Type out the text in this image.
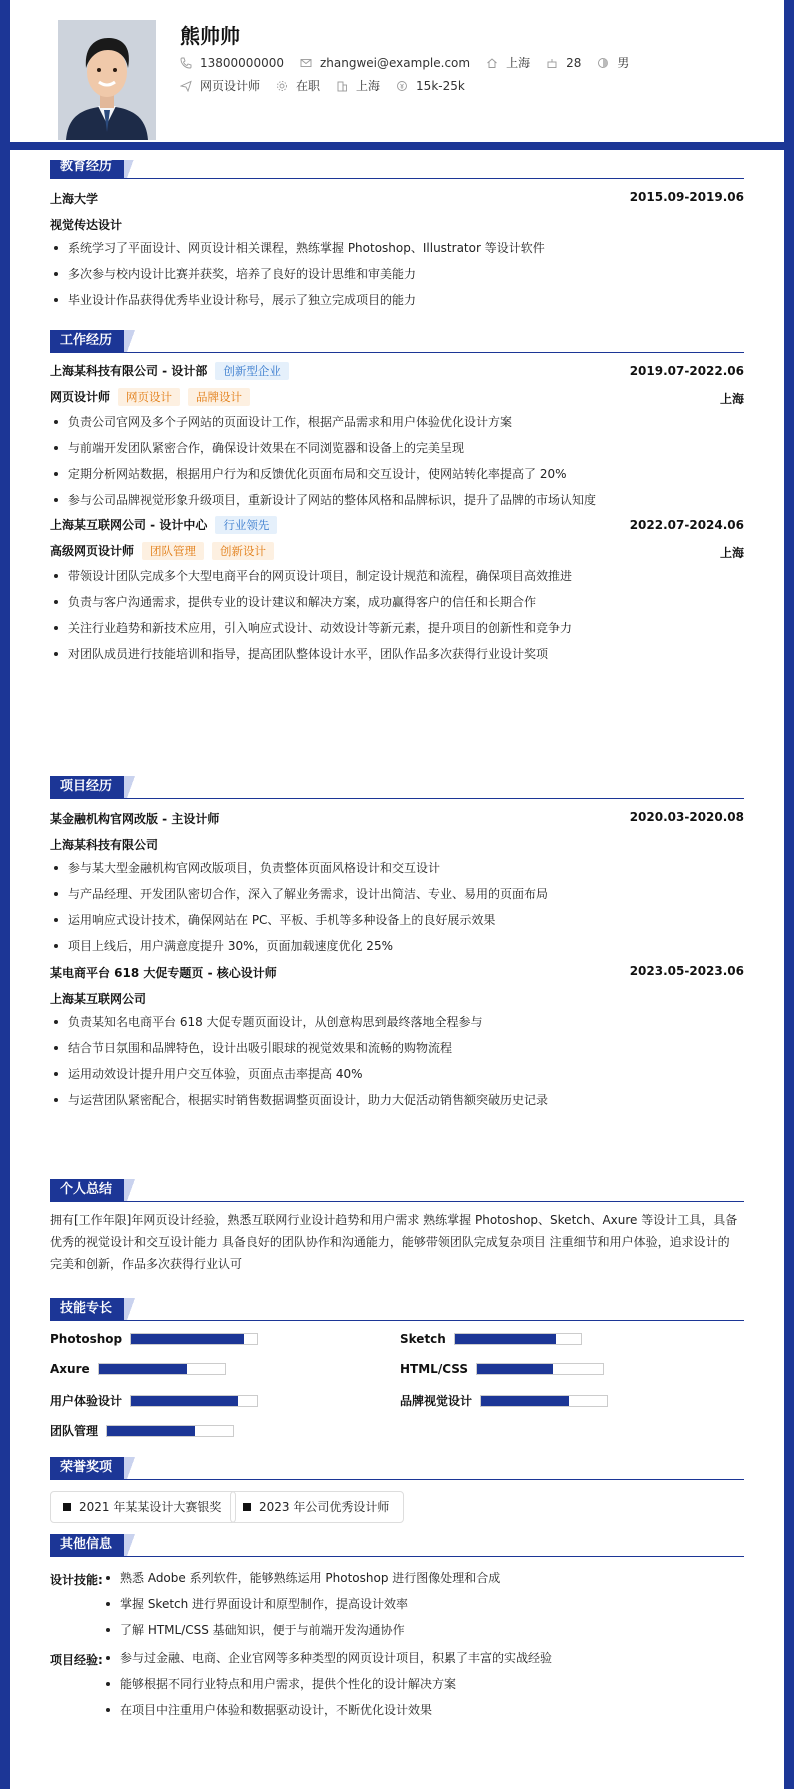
熊帅帅
13800000000	zhangwei@example.com	上海	28	男
网页设计师	在职	上海	15k-25k
教育经历
上海大学	2015.09-2019.06
视觉传达设计
系统学习了平面设计、网页设计相关课程，熟练掌握 Photoshop、Illustrator 等设计软件
多次参与校内设计比赛并获奖，培养了良好的设计思维和审美能力
毕业设计作品获得优秀毕业设计称号，展示了独立完成项目的能力
工作经历
上海某科技有限公司 - 设计部 创新型企业	2019.07-2022.06
网页设计师 网页设计 品牌设计	上海
负责公司官网及多个子网站的页面设计工作，根据产品需求和用户体验优化设计方案
与前端开发团队紧密合作，确保设计效果在不同浏览器和设备上的完美呈现
定期分析网站数据，根据用户行为和反馈优化页面布局和交互设计，使网站转化率提高了 20%
参与公司品牌视觉形象升级项目，重新设计了网站的整体风格和品牌标识，提升了品牌的市场认知度
上海某互联网公司 - 设计中心 行业领先	2022.07-2024.06
高级网页设计师 团队管理 创新设计	上海
带领设计团队完成多个大型电商平台的网页设计项目，制定设计规范和流程，确保项目高效推进
负责与客户沟通需求，提供专业的设计建议和解决方案，成功赢得客户的信任和长期合作
关注行业趋势和新技术应用，引入响应式设计、动效设计等新元素，提升项目的创新性和竞争力
对团队成员进行技能培训和指导，提高团队整体设计水平，团队作品多次获得行业设计奖项
项目经历
某金融机构官网改版 - 主设计师	2020.03-2020.08
上海某科技有限公司
参与某大型金融机构官网改版项目，负责整体页面风格设计和交互设计
与产品经理、开发团队密切合作，深入了解业务需求，设计出简洁、专业、易用的页面布局
运用响应式设计技术，确保网站在 PC、平板、手机等多种设备上的良好展示效果
项目上线后，用户满意度提升 30%，页面加载速度优化 25%
某电商平台 618 大促专题页 - 核心设计师	2023.05-2023.06
上海某互联网公司
负责某知名电商平台 618 大促专题页面设计，从创意构思到最终落地全程参与
结合节日氛围和品牌特色，设计出吸引眼球的视觉效果和流畅的购物流程
运用动效设计提升用户交互体验，页面点击率提高 40%
与运营团队紧密配合，根据实时销售数据调整页面设计，助力大促活动销售额突破历史记录
个人总结
拥有[工作年限]年网页设计经验，熟悉互联网行业设计趋势和用户需求 熟练掌握 Photoshop、Sketch、Axure 等设计工具，具备
优秀的视觉设计和交互设计能力 具备良好的团队协作和沟通能力，能够带领团队完成复杂项目 注重细节和用户体验，追求设计的
完美和创新，作品多次获得行业认可
技能专长
Photoshop	Sketch
Axure	HTML/CSS
用户体验设计	品牌视觉设计
团队管理
荣誉奖项
2021 年某某设计大赛银奖	2023 年公司优秀设计师
其他信息
设计技能:	熟悉 Adobe 系列软件，能够熟练运用 Photoshop 进行图像处理和合成
掌握 Sketch 进行界面设计和原型制作，提高设计效率
了解 HTML/CSS 基础知识，便于与前端开发沟通协作
项目经验:	参与过金融、电商、企业官网等多种类型的网页设计项目，积累了丰富的实战经验
能够根据不同行业特点和用户需求，提供个性化的设计解决方案
在项目中注重用户体验和数据驱动设计，不断优化设计效果
